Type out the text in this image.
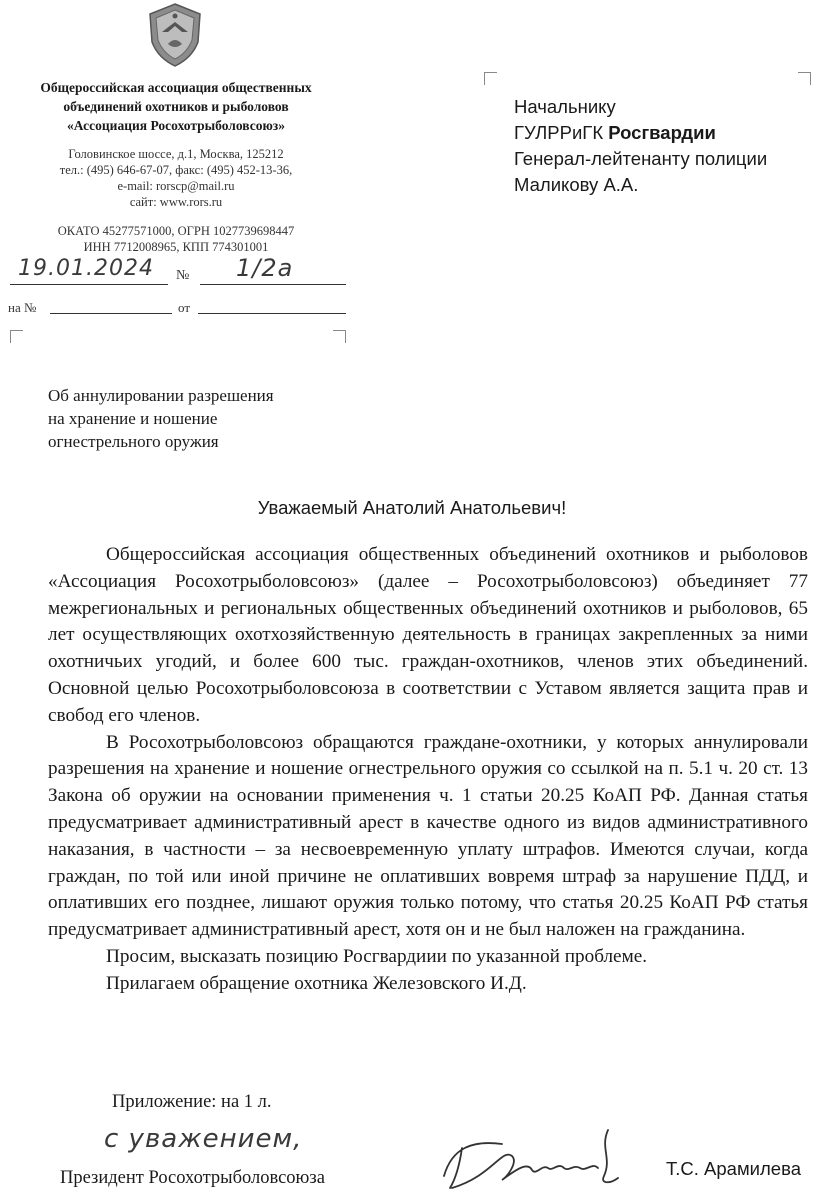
Общероссийская ассоциация общественных
объединений охотников и рыболовов
«Ассоциация Росохотрыболовсоюз»
Головинское шоссе, д.1, Москва, 125212
тел.: (495) 646-67-07, факс: (495) 452-13-36,
e-mail: rorscp@mail.ru
сайт: www.rors.ru
ОКАТО 45277571000, ОГРН 1027739698447
ИНН 7712008965, КПП 774301001
19.01.2024 № 1/2а
на №	от
Начальнику
ГУЛРРиГК Росгвардии
Генерал-лейтенанту полиции
Маликову А.А.
Об аннулировании разрешения
на хранение и ношение
огнестрельного оружия
Уважаемый Анатолий Анатольевич!

Общероссийская ассоциация общественных объединений охотников и рыболовов «Ассоциация Росохотрыболовсоюз» (далее – Росохотрыболовсоюз) объединяет 77 межрегиональных и региональных общественных объединений охотников и рыболовов, 65 лет осуществляющих охотхозяйственную деятельность в границах закрепленных за ними охотничьих угодий, и более 600 тыс. граждан-охотников, членов этих объединений. Основной целью Росохотрыболовсоюза в соответствии с Уставом является защита прав и свобод его членов.

В Росохотрыболовсоюз обращаются граждане-охотники, у которых аннулировали разрешения на хранение и ношение огнестрельного оружия со ссылкой на п. 5.1 ч. 20 ст. 13 Закона об оружии на основании применения ч. 1 статьи 20.25 КоАП РФ. Данная статья предусматривает административный арест в качестве одного из видов административного наказания, в частности – за несвоевременную уплату штрафов. Имеются случаи, когда граждан, по той или иной причине не оплативших вовремя штраф за нарушение ПДД, и оплативших его позднее, лишают оружия только потому, что статья 20.25 КоАП РФ статья предусматривает административный арест, хотя он и не был наложен на гражданина.

Просим, высказать позицию Росгвардиии по указанной проблеме.

Прилагаем обращение охотника Железовского И.Д.

Приложение: на 1 л.
с уважением,
Президент Росохотрыболовсоюза	Т.С. Арамилева
